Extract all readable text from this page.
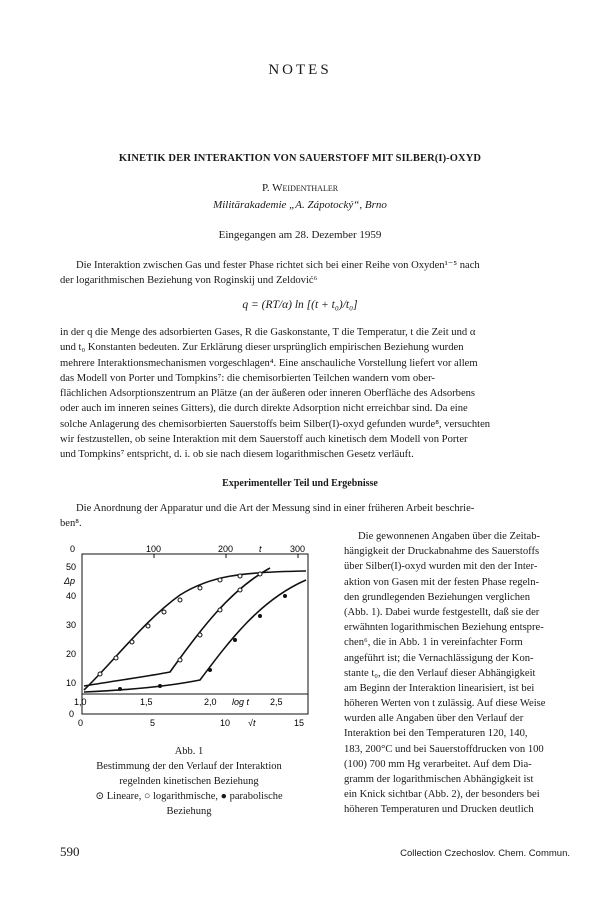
NOTES
KINETIK DER INTERAKTION VON SAUERSTOFF MIT SILBER(I)-OXYD
P. Weidenthaler
Militärakademie „A. Zápotocký“, Brno
Eingegangen am 28. Dezember 1959
Die Interaktion zwischen Gas und fester Phase richtet sich bei einer Reihe von Oxyden¹⁻⁵ nach
der logarithmischen Beziehung von Roginskij und Zeldović⁶
q = (RT/α) ln [(t + t₀)/t₀]
in der q die Menge des adsorbierten Gases, R die Gaskonstante, T die Temperatur, t die Zeit und α
und t₀ Konstanten bedeuten. Zur Erklärung dieser ursprünglich empirischen Beziehung wurden
mehrere Interaktionsmechanismen vorgeschlagen⁴. Eine anschauliche Vorstellung liefert vor allem
das Modell von Porter und Tompkins⁷: die chemisorbierten Teilchen wandern vom ober-
flächlichen Adsorptionszentrum an Plätze (an der äußeren oder inneren Oberfläche des Adsorbens
oder auch im inneren seines Gitters), die durch direkte Adsorption nicht erreichbar sind. Da eine
solche Anlagerung des chemisorbierten Sauerstoffs beim Silber(I)-oxyd gefunden wurde⁸, versuchten
wir festzustellen, ob seine Interaktion mit dem Sauerstoff auch kinetisch dem Modell von Porter
und Tompkins⁷ entspricht, d. i. ob sie nach diesem logarithmischen Gesetz verläuft.
Experimenteller Teil und Ergebnisse
Die Anordnung der Apparatur und die Art der Messung sind in einer früheren Arbeit beschrie-
ben⁸.
0	100	200	t	300
Δp
0
10
20
30
40
50
1,0	1,5	2,0 log t 2,5
0	5	10 √t	15
Abb. 1
Bestimmung der den Verlauf der Interaktion
regelnden kinetischen Beziehung
⊙ Lineare, ○ logarithmische, ● parabolische
Beziehung
Die gewonnenen Angaben über die Zeitab-
hängigkeit der Druckabnahme des Sauerstoffs
über Silber(I)-oxyd wurden mit den der Inter-
aktion von Gasen mit der festen Phase regeln-
den grundlegenden Beziehungen verglichen
(Abb. 1). Dabei wurde festgestellt, daß sie der
erwähnten logarithmischen Beziehung entspre-
chen⁶, die in Abb. 1 in vereinfachter Form
angeführt ist; die Vernachlässigung der Kon-
stante t₀, die den Verlauf dieser Abhängigkeit
am Beginn der Interaktion linearisiert, ist bei
höheren Werten von t zulässig. Auf diese Weise
wurden alle Angaben über den Verlauf der
Interaktion bei den Temperaturen 120, 140,
183, 200°C und bei Sauerstoffdrucken von 100
(100) 700 mm Hg verarbeitet. Auf dem Dia-
gramm der logarithmischen Abhängigkeit ist
ein Knick sichtbar (Abb. 2), der besonders bei
höheren Temperaturen und Drucken deutlich
590	Collection Czechoslov. Chem. Commun.
